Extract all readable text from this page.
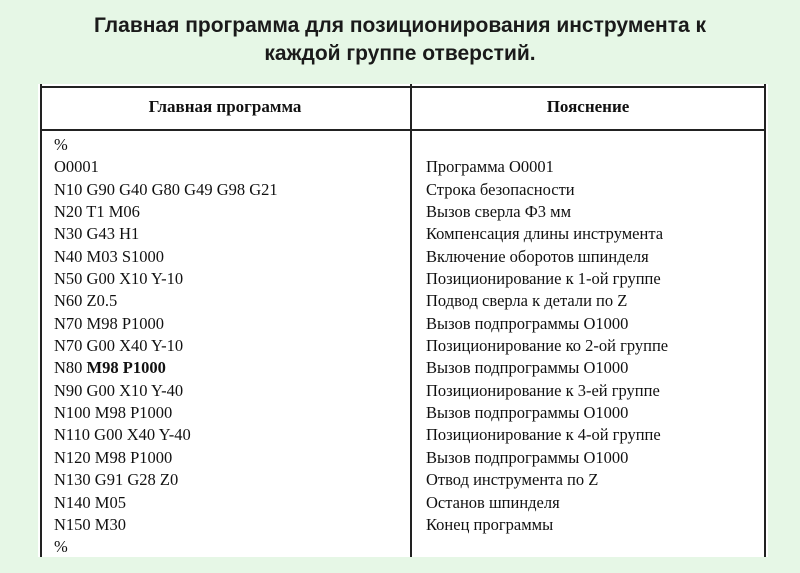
Главная программа для позиционирования инструмента к
каждой группе отверстий.
Главная программа	Пояснение
%
O0001
N10 G90 G40 G80 G49 G98 G21
N20 T1 M06
N30 G43 H1
N40 M03 S1000
N50 G00 X10 Y-10
N60 Z0.5
N70 M98 P1000
N70 G00 X40 Y-10
N80 M98 P1000
N90 G00 X10 Y-40
N100 M98 P1000
N110 G00 X40 Y-40
N120 M98 P1000
N130 G91 G28 Z0
N140 M05
N150 M30
%
Программа O0001
Строка безопасности
Вызов сверла Ф3 мм
Компенсация длины инструмента
Включение оборотов шпинделя
Позиционирование к 1-ой группе
Подвод сверла к детали по Z
Вызов подпрограммы O1000
Позиционирование ко 2-ой группе
Вызов подпрограммы O1000
Позиционирование к 3-ей группе
Вызов подпрограммы O1000
Позиционирование к 4-ой группе
Вызов подпрограммы O1000
Отвод инструмента по Z
Останов шпинделя
Конец программы
